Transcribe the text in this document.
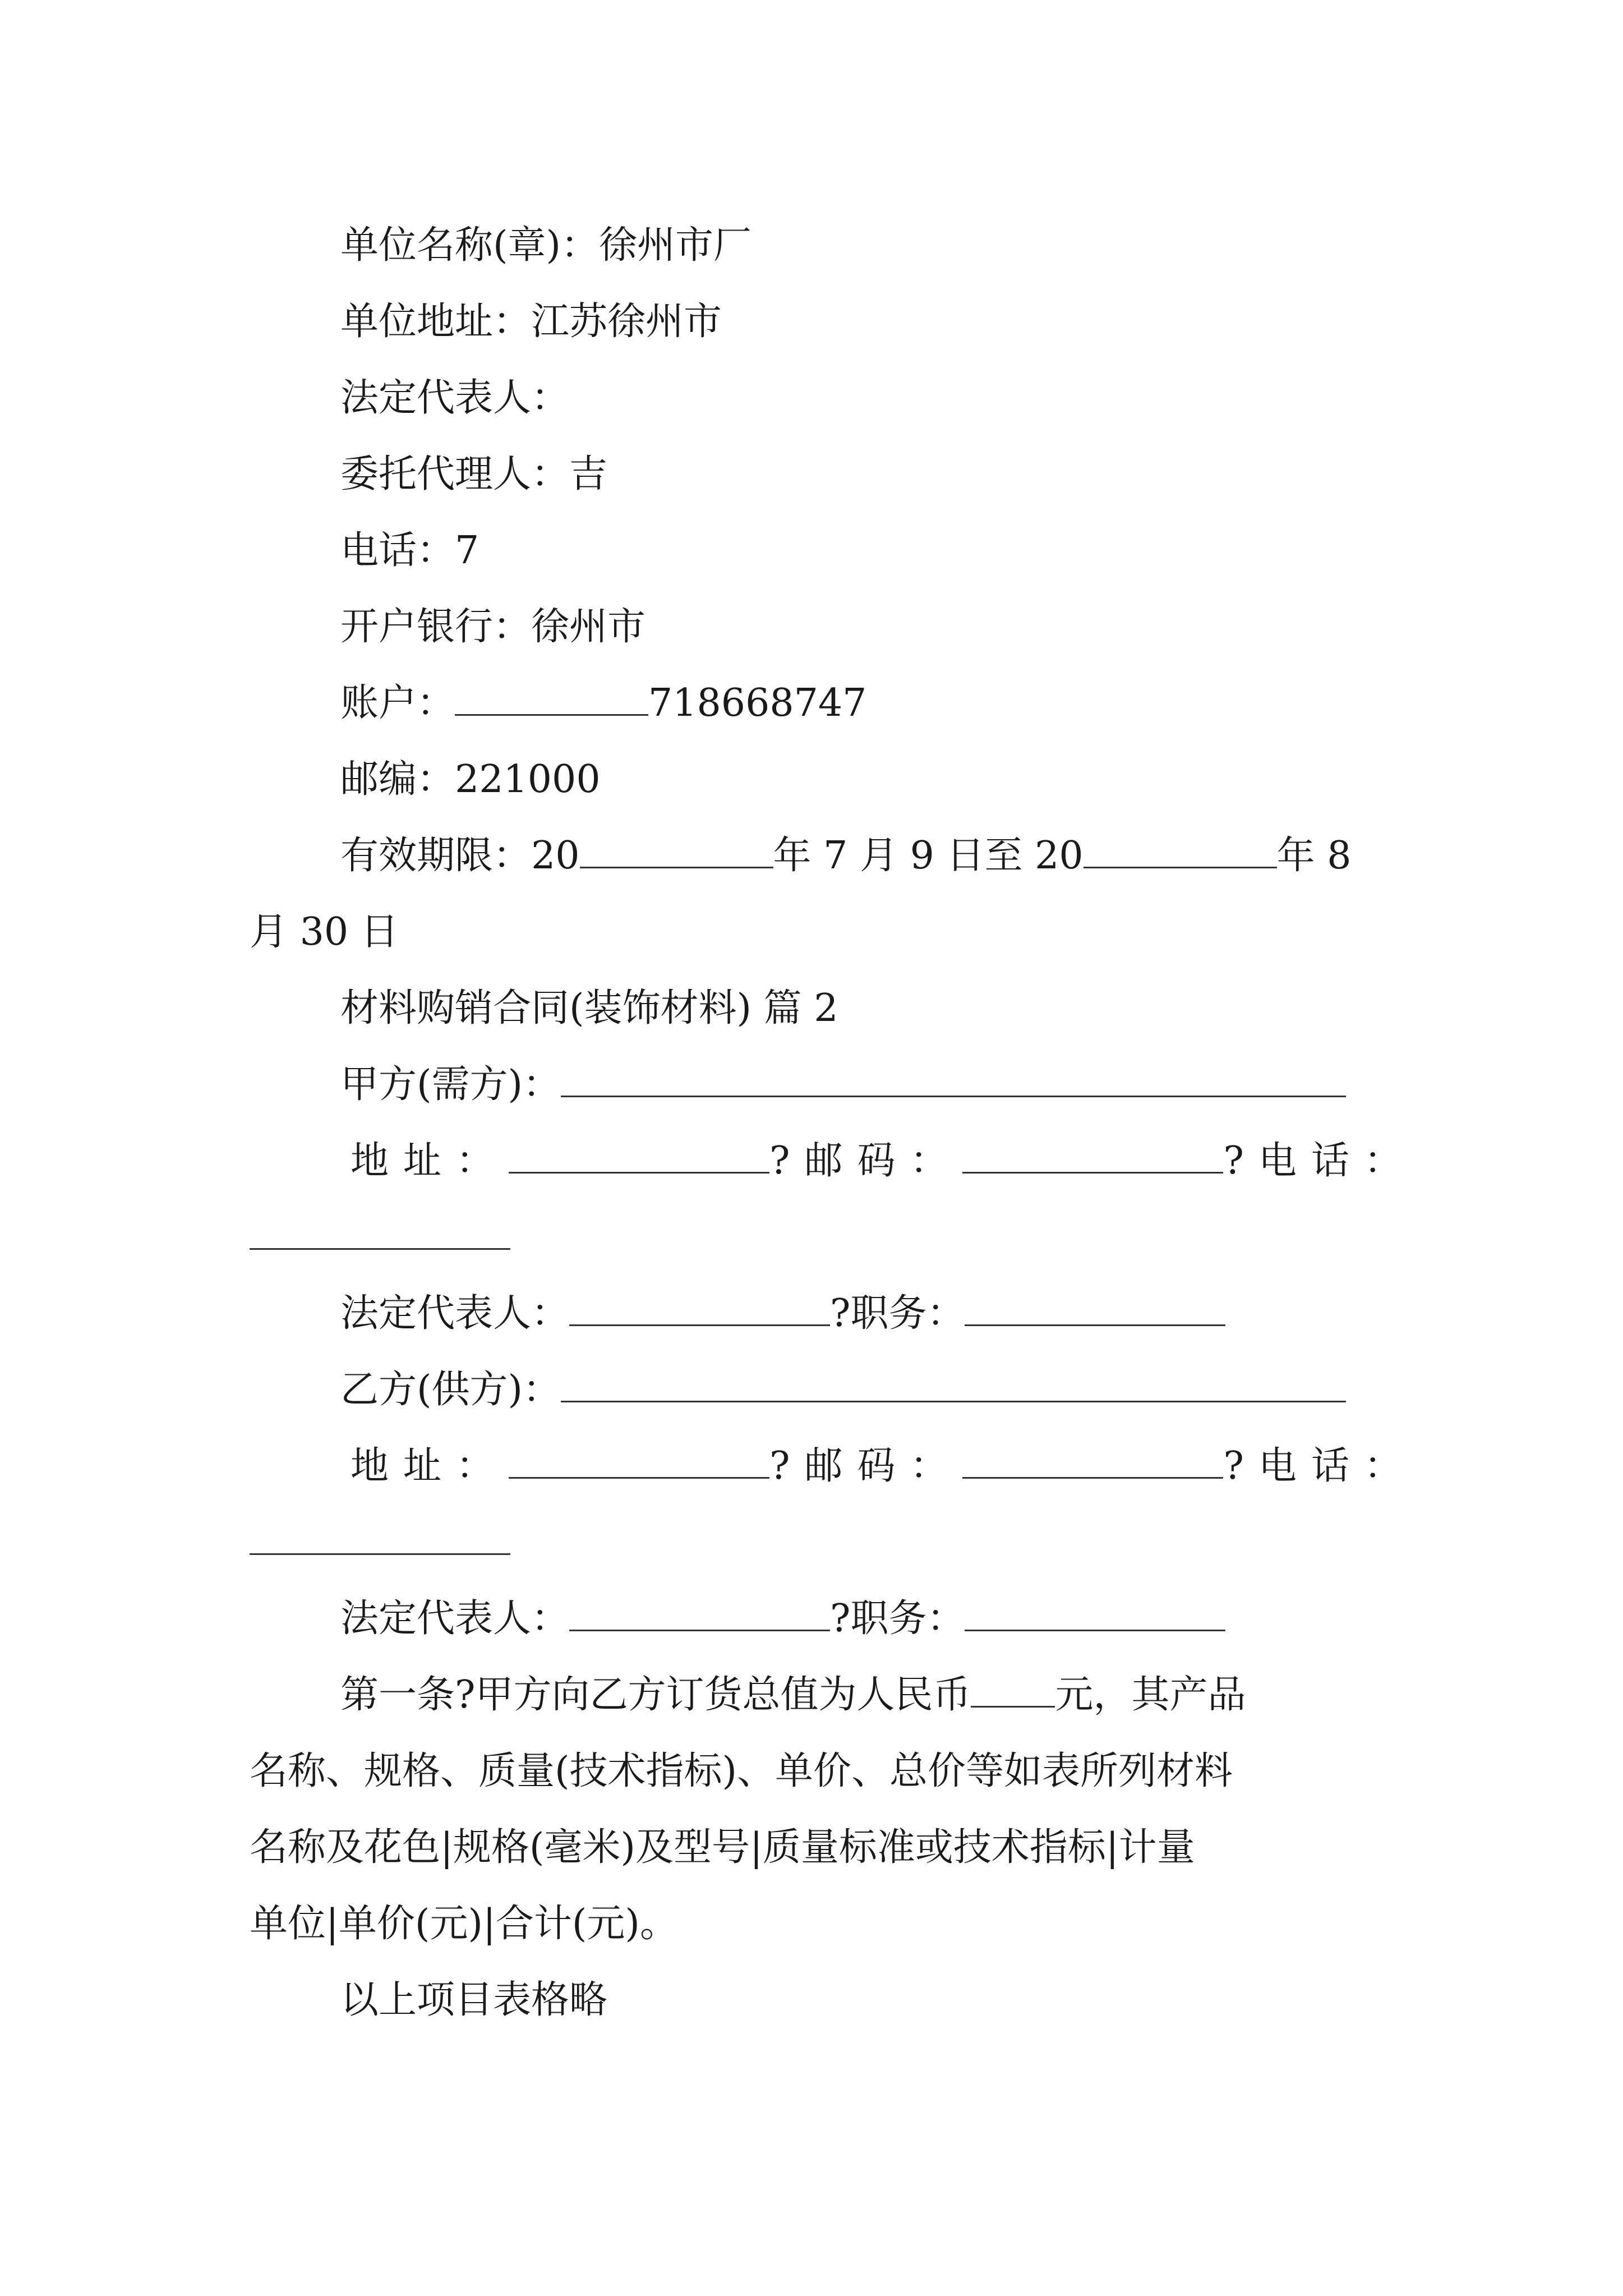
单位名称(章)：徐州市厂
单位地址：江苏徐州市
法定代表人：
委托代理人：吉
电话：7
开户银行：徐州市
账户：	718668747
邮编：221000
有效期限：20	年 7 月 9 日至 20	年 8
月 30 日
材料购销合同(装饰材料) 篇 2
甲方(需方)：
地址：	?邮码：	?电话：
法定代表人：	?职务：
乙方(供方)：
地址：	?邮码：	?电话：
法定代表人：	?职务：
第一条?甲方向乙方订货总值为人民币 元，其产品
名称、规格、质量(技术指标)、单价、总价等如表所列材料
名称及花色|规格(毫米)及型号|质量标准或技术指标|计量
单位|单价(元)|合计(元)。
以上项目表格略
